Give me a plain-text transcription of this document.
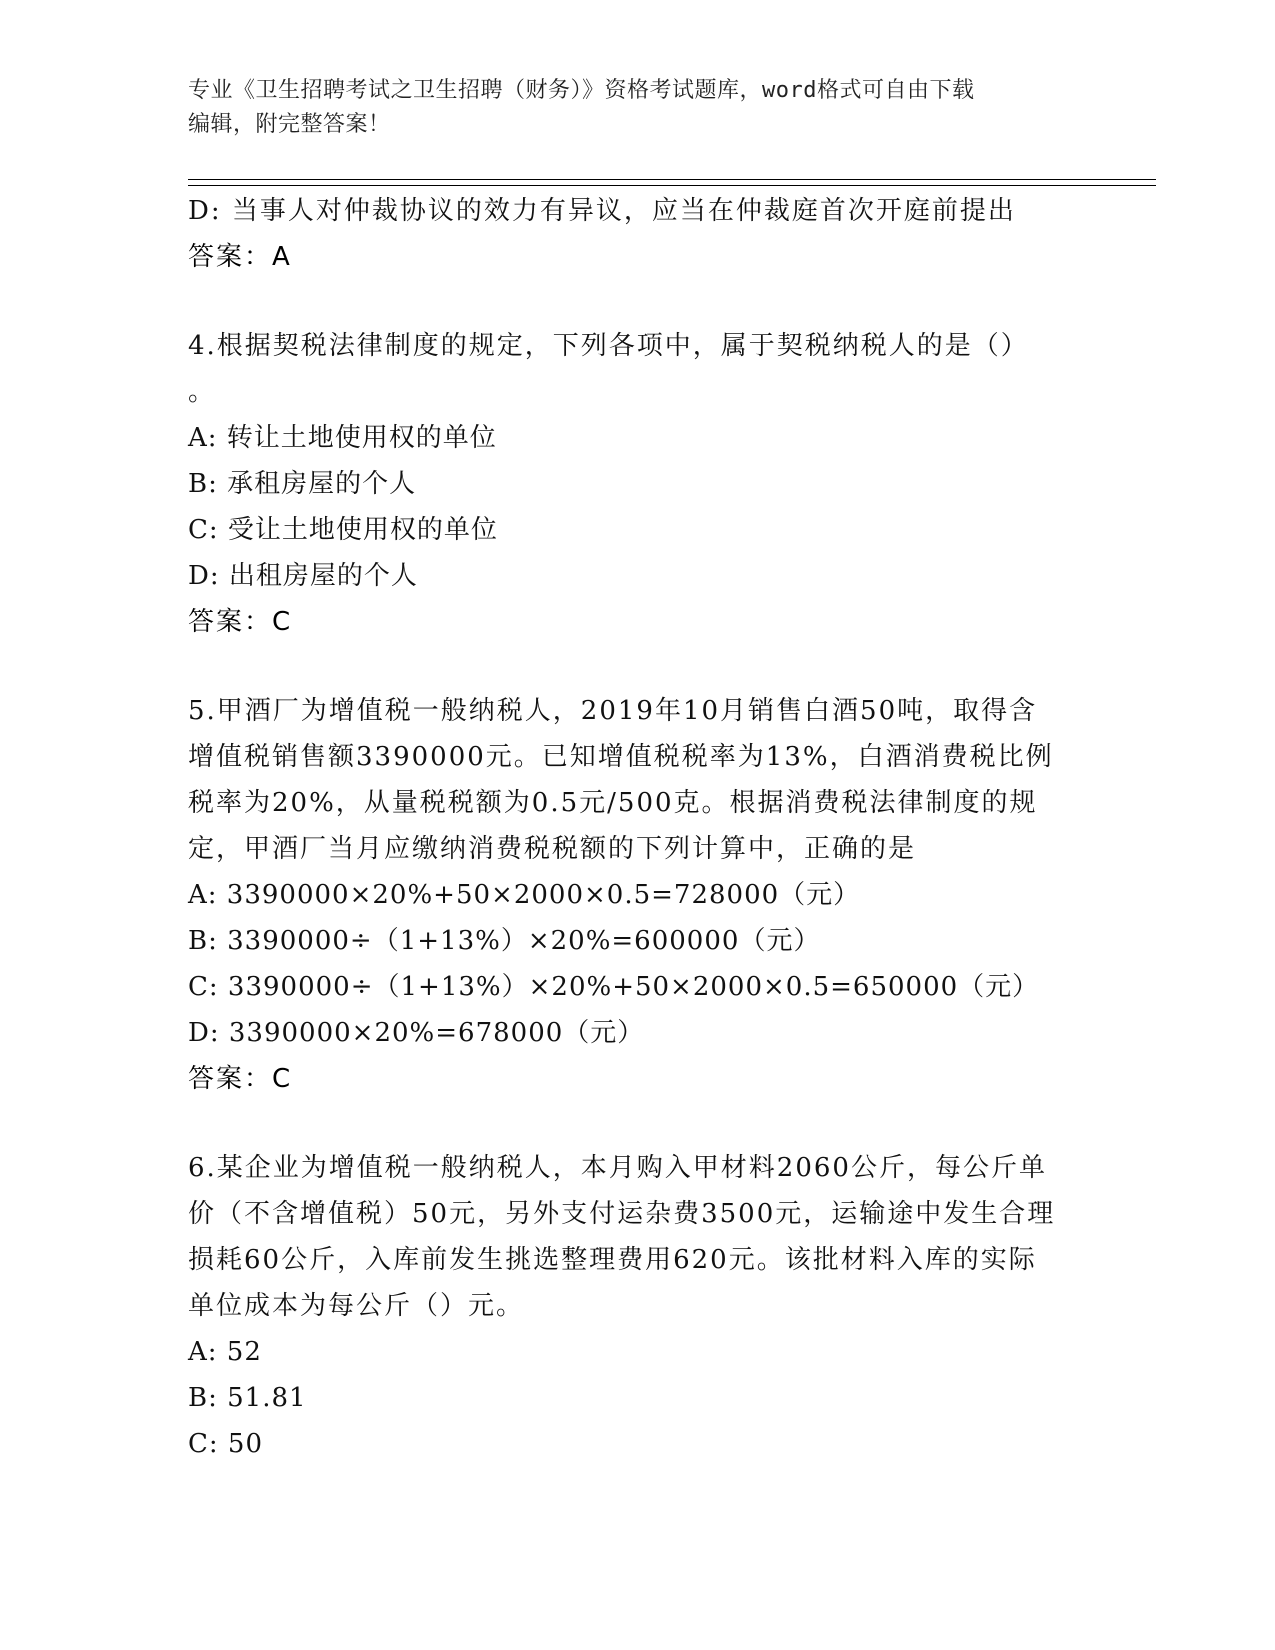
专业《卫生招聘考试之卫生招聘（财务）》资格考试题库，word格式可自由下载
编辑，附完整答案！
D: 当事人对仲裁协议的效力有异议，应当在仲裁庭首次开庭前提出
答案：A
4.根据契税法律制度的规定，下列各项中，属于契税纳税人的是（）
。
A: 转让土地使用权的单位
B: 承租房屋的个人
C: 受让土地使用权的单位
D: 出租房屋的个人
答案：C
5.甲酒厂为增值税一般纳税人，2019年10月销售白酒50吨，取得含
增值税销售额3390000元。已知增值税税率为13%，白酒消费税比例
税率为20%，从量税税额为0.5元/500克。根据消费税法律制度的规
定，甲酒厂当月应缴纳消费税税额的下列计算中，正确的是
A: 3390000×20%+50×2000×0.5=728000（元）
B: 3390000÷（1+13%）×20%=600000（元）
C: 3390000÷（1+13%）×20%+50×2000×0.5=650000（元）
D: 3390000×20%=678000（元）
答案：C
6.某企业为增值税一般纳税人，本月购入甲材料2060公斤，每公斤单
价（不含增值税）50元，另外支付运杂费3500元，运输途中发生合理
损耗60公斤，入库前发生挑选整理费用620元。该批材料入库的实际
单位成本为每公斤（）元。
A: 52
B: 51.81
C: 50
